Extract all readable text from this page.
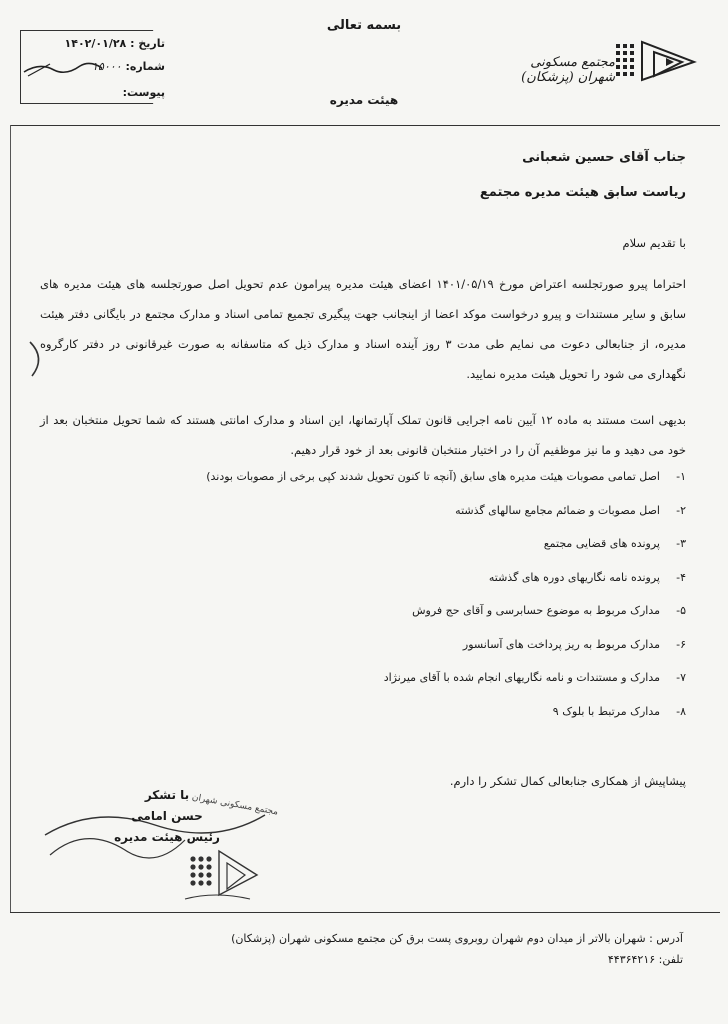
بسمه تعالی
تاریخ : ۱۴۰۲/۰۱/۲۸
شماره: ۱۵۰۰۰
پیوست:
هیئت مدیره
مجتمع مسکونی شهران (پزشکان)
جناب آقای حسین شعبانی
ریاست سابق هیئت مدیره مجتمع
با تقدیم سلام
احتراما پیرو صورتجلسه اعتراض مورخ ۱۴۰۱/۰۵/۱۹ اعضای هیئت مدیره پیرامون عدم تحویل اصل صورتجلسه های هیئت مدیره های سابق و سایر مستندات و پیرو درخواست موکد اعضا از اینجانب جهت پیگیری تجمیع تمامی اسناد و مدارک مجتمع در بایگانی دفتر هیئت مدیره، از جنابعالی دعوت می نمایم طی مدت ۳ روز آینده اسناد و مدارک ذیل که متاسفانه به صورت غیرقانونی در دفتر کارگروه نگهداری می شود را تحویل هیئت مدیره نمایید.
بدیهی است مستند به ماده ۱۲ آیین نامه اجرایی قانون تملک آپارتمانها، این اسناد و مدارک امانتی هستند که شما تحویل منتخبان بعد از خود می دهید و ما نیز موظفیم آن را در اختیار منتخبان قانونی بعد از خود قرار دهیم.
۱-اصل تمامی مصوبات هیئت مدیره های سابق (آنچه تا کنون تحویل شدند کپی برخی از مصوبات بودند)
۲-اصل مصوبات و ضمائم مجامع سالهای گذشته
۳-پرونده های قضایی مجتمع
۴-پرونده نامه نگاریهای دوره های گذشته
۵-مدارک مربوط به موضوع حسابرسی و آقای حج فروش
۶-مدارک مربوط به ریز پرداخت های آسانسور
۷-مدارک و مستندات و نامه نگاریهای انجام شده با آقای میرنژاد
۸-مدارک مرتبط با بلوک ۹
پیشاپیش از همکاری جنابعالی کمال تشکر را دارم.
مجتمع مسکونی شهران
با تشکر
حسن امامی
رئیس هیئت مدیره
آدرس : شهران بالاتر از میدان دوم شهران روبروی پست برق کن مجتمع مسکونی شهران (پزشکان)
تلفن: ۴۴۳۶۴۲۱۶
